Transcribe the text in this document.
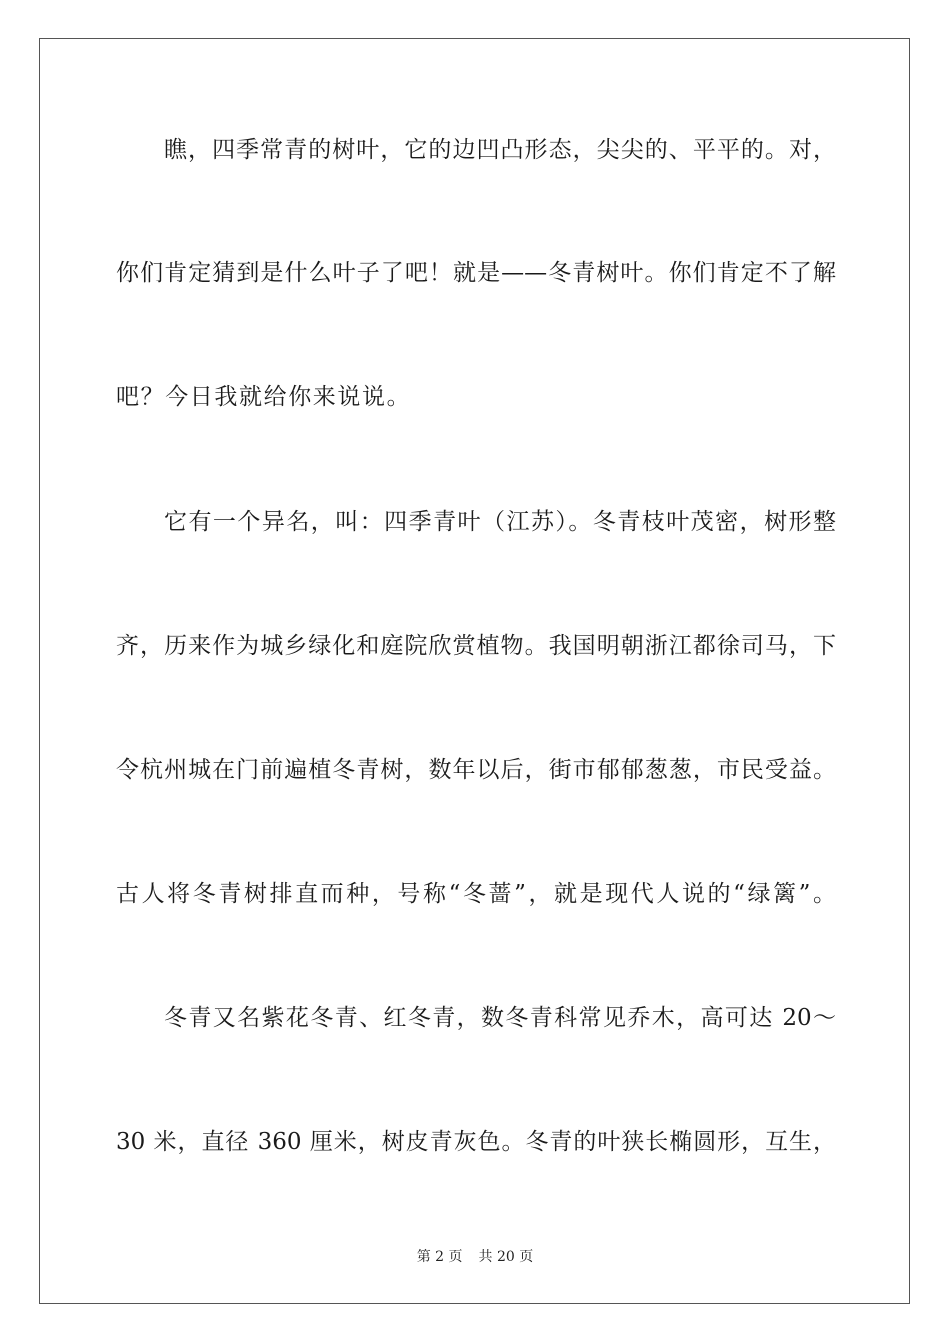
瞧，四季常青的树叶，它的边凹凸形态，尖尖的、平平的。对，
你们肯定猜到是什么叶子了吧！就是——冬青树叶。你们肯定不了解
吧？今日我就给你来说说。
它有一个异名，叫：四季青叶（江苏）。冬青枝叶茂密，树形整
齐，历来作为城乡绿化和庭院欣赏植物。我国明朝浙江都徐司马，下
令杭州城在门前遍植冬青树，数年以后，街市郁郁葱葱，市民受益。
古人将冬青树排直而种，号称“冬蔷”，就是现代人说的“绿篱”。
冬青又名紫花冬青、红冬青，数冬青科常见乔木，高可达 20～
30 米，直径 360 厘米，树皮青灰色。冬青的叶狭长椭圆形，互生，
第 2 页 共 20 页
